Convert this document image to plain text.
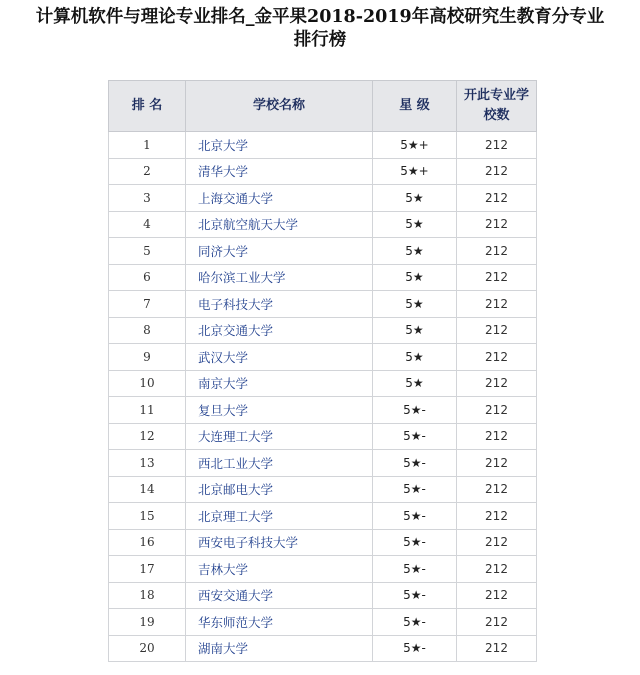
计算机软件与理论专业排名_金平果2018-2019年高校研究生教育分专业
排行榜
排 名	学校名称	星 级	开此专业学
校数

1	北京大学	5★+	212
2	清华大学	5★+	212
3	上海交通大学	5★	212
4	北京航空航天大学	5★	212
5	同济大学	5★	212
6	哈尔滨工业大学	5★	212
7	电子科技大学	5★	212
8	北京交通大学	5★	212
9	武汉大学	5★	212
10	南京大学	5★	212
11	复旦大学	5★-	212
12	大连理工大学	5★-	212
13	西北工业大学	5★-	212
14	北京邮电大学	5★-	212
15	北京理工大学	5★-	212
16	西安电子科技大学	5★-	212
17	吉林大学	5★-	212
18	西安交通大学	5★-	212
19	华东师范大学	5★-	212
20	湖南大学	5★-	212
